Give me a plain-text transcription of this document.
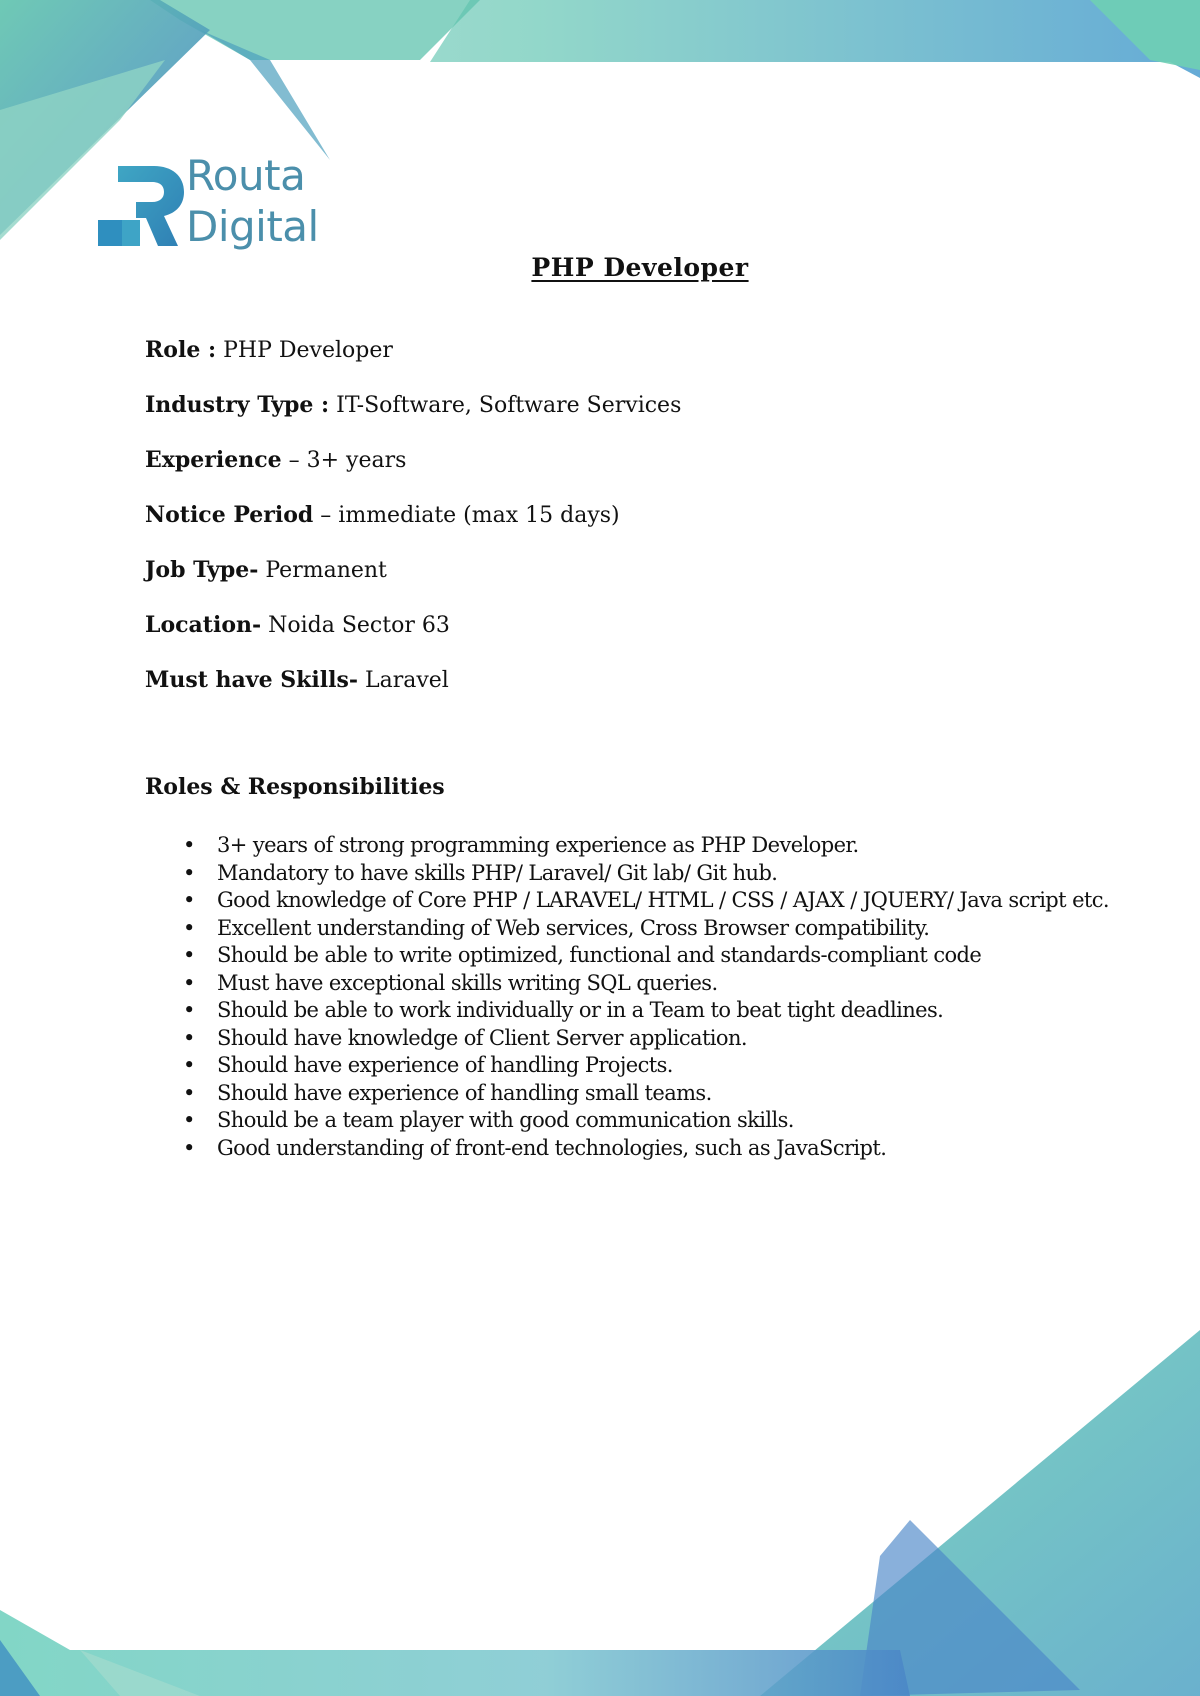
Routa
Digital
PHP Developer
Role : PHP Developer
Industry Type : IT-Software, Software Services
Experience – 3+ years
Notice Period – immediate (max 15 days)
Job Type- Permanent
Location- Noida Sector 63
Must have Skills- Laravel
Roles & Responsibilities
• 3+ years of strong programming experience as PHP Developer.
• Mandatory to have skills PHP/ Laravel/ Git lab/ Git hub.
• Good knowledge of Core PHP / LARAVEL/ HTML / CSS / AJAX / JQUERY/ Java script etc.
• Excellent understanding of Web services, Cross Browser compatibility.
• Should be able to write optimized, functional and standards-compliant code
• Must have exceptional skills writing SQL queries.
• Should be able to work individually or in a Team to beat tight deadlines.
• Should have knowledge of Client Server application.
• Should have experience of handling Projects.
• Should have experience of handling small teams.
• Should be a team player with good communication skills.
• Good understanding of front-end technologies, such as JavaScript.
